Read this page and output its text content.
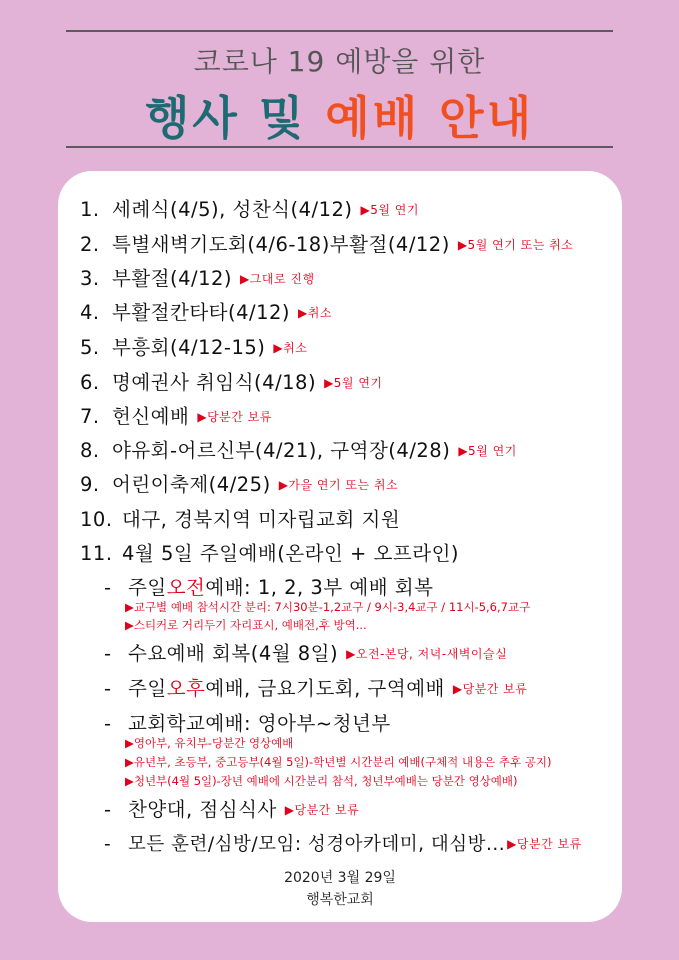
코로나 19 예방을 위한
행사 및 예배 안내
1. 세례식(4/5), 성찬식(4/12) ▶5월 연기
2. 특별새벽기도회(4/6-18)부활절(4/12) ▶5월 연기 또는 취소
3. 부활절(4/12) ▶그대로 진행
4. 부활절칸타타(4/12) ▶취소
5. 부흥회(4/12-15) ▶취소
6. 명예권사 취임식(4/18) ▶5월 연기
7. 헌신예배 ▶당분간 보류
8. 야유회-어르신부(4/21), 구역장(4/28) ▶5월 연기
9. 어린이축제(4/25) ▶가을 연기 또는 취소
10. 대구, 경북지역 미자립교회 지원
11. 4월 5일 주일예배(온라인 + 오프라인)
- 주일오전예배: 1, 2, 3부 예배 회복
▶교구별 예배 참석시간 분리: 7시30분-1,2교구 / 9시-3,4교구 / 11시-5,6,7교구
▶스티커로 거리두기 자리표시, 예배전,후 방역...
- 수요예배 회복(4월 8일) ▶오전-본당, 저녁-새벽이슬실
- 주일오후예배, 금요기도회, 구역예배 ▶당분간 보류
- 교회학교예배: 영아부~청년부
▶영아부, 유치부-당분간 영상예배
▶유년부, 초등부, 중고등부(4월 5일)-학년별 시간분리 예배(구체적 내용은 추후 공지)
▶청년부(4월 5일)-장년 예배에 시간분리 참석, 청년부예배는 당분간 영상예배)
- 찬양대, 점심식사 ▶당분간 보류
- 모든 훈련/심방/모임: 성경아카데미, 대심방... ▶당분간 보류
2020년 3월 29일
행복한교회
